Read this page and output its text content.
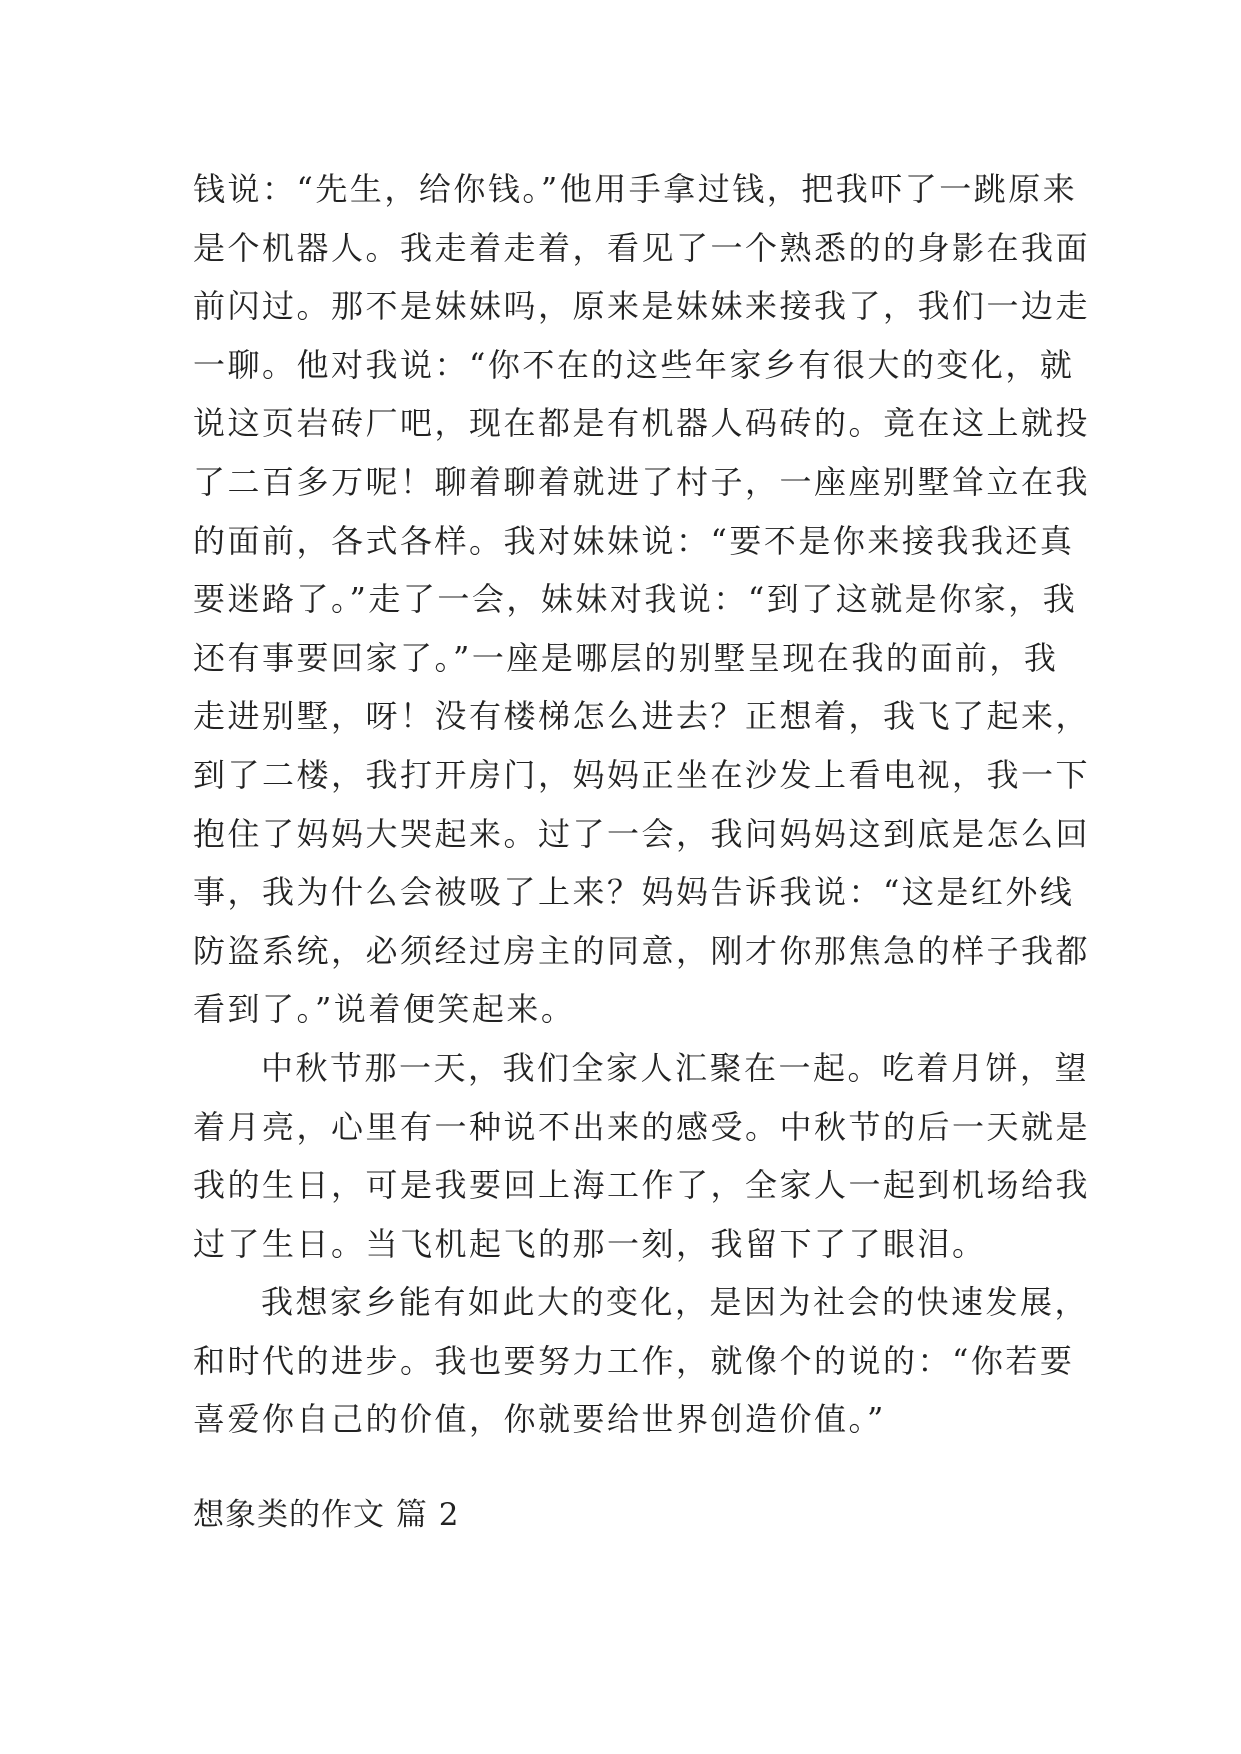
钱说：“先生，给你钱。”他用手拿过钱，把我吓了一跳原来
是个机器人。我走着走着，看见了一个熟悉的的身影在我面
前闪过。那不是妹妹吗，原来是妹妹来接我了，我们一边走
一聊。他对我说：“你不在的这些年家乡有很大的变化，就
说这页岩砖厂吧，现在都是有机器人码砖的。竟在这上就投
了二百多万呢！聊着聊着就进了村子，一座座别墅耸立在我
的面前，各式各样。我对妹妹说：“要不是你来接我我还真
要迷路了。”走了一会，妹妹对我说：“到了这就是你家，我
还有事要回家了。”一座是哪层的别墅呈现在我的面前，我
走进别墅，呀！没有楼梯怎么进去？正想着，我飞了起来，
到了二楼，我打开房门，妈妈正坐在沙发上看电视，我一下
抱住了妈妈大哭起来。过了一会，我问妈妈这到底是怎么回
事，我为什么会被吸了上来？妈妈告诉我说：“这是红外线
防盗系统，必须经过房主的同意，刚才你那焦急的样子我都
看到了。”说着便笑起来。
中秋节那一天，我们全家人汇聚在一起。吃着月饼，望
着月亮，心里有一种说不出来的感受。中秋节的后一天就是
我的生日，可是我要回上海工作了，全家人一起到机场给我
过了生日。当飞机起飞的那一刻，我留下了了眼泪。
我想家乡能有如此大的变化，是因为社会的快速发展，
和时代的进步。我也要努力工作，就像个的说的：“你若要
喜爱你自己的价值，你就要给世界创造价值。”
想象类的作文 篇 2
